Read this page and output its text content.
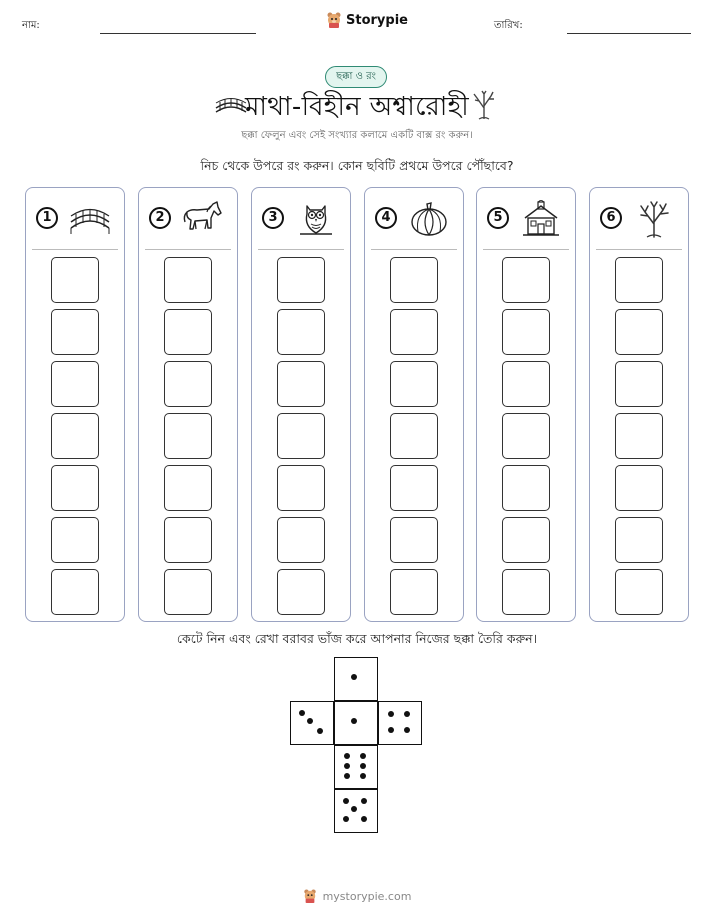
নাম:	Storypie	তারিখ:
ছক্কা ও রং
মাথা-বিহীন অশ্বারোহী
ছক্কা ফেলুন এবং সেই সংখ্যার কলামে একটি বাক্স রং করুন।
নিচ থেকে উপরে রং করুন। কোন ছবিটি প্রথমে উপরে পৌঁছাবে?
1	2	3	4	5	6
কেটে নিন এবং রেখা বরাবর ভাঁজ করে আপনার নিজের ছক্কা তৈরি করুন।
mystorypie.com
